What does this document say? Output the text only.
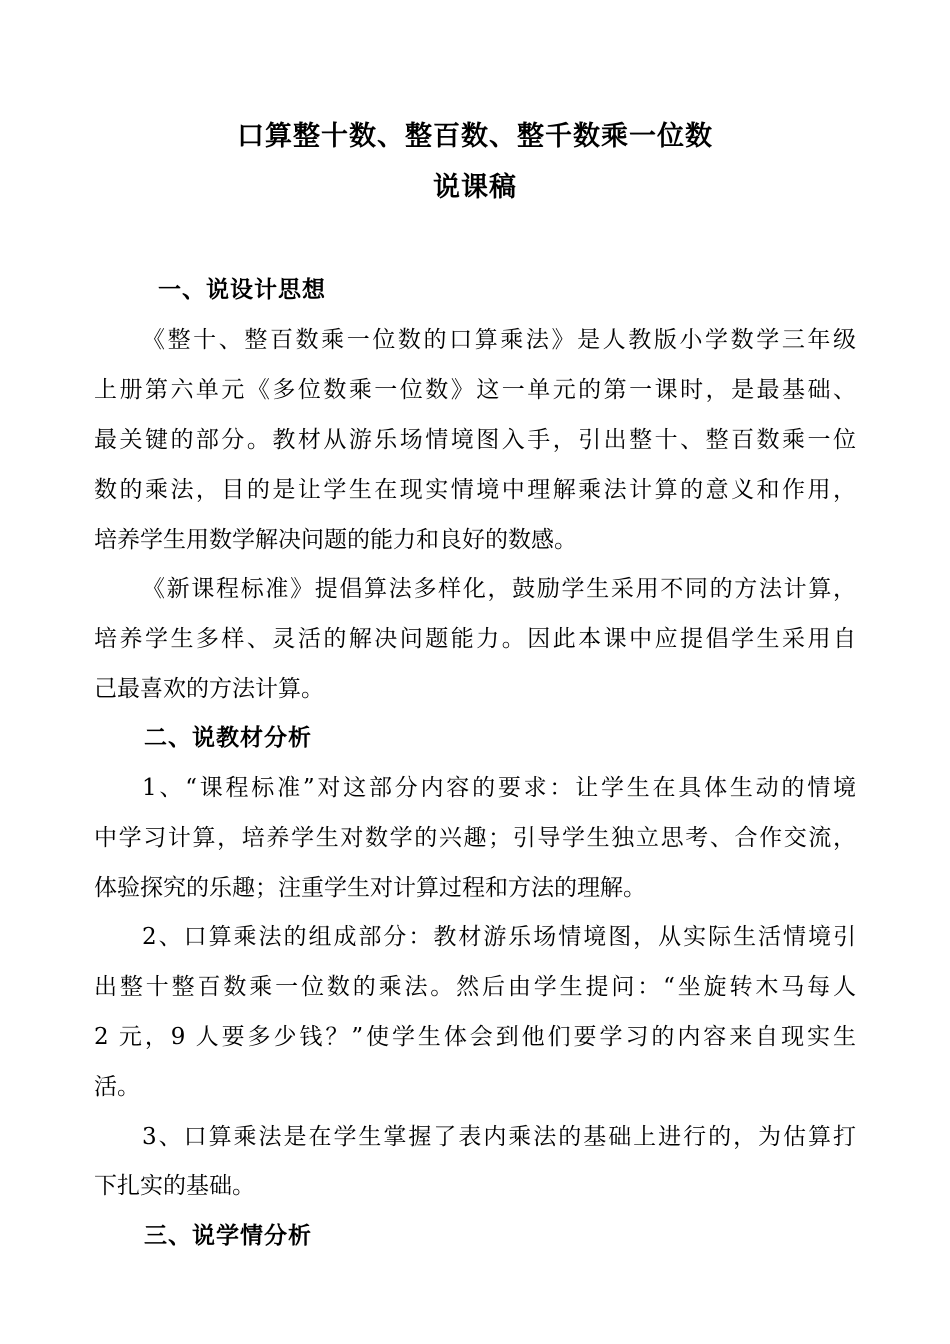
口算整十数、整百数、整千数乘一位数
说课稿
一、说设计思想
《整十、整百数乘一位数的口算乘法》是人教版小学数学三年级
上册第六单元《多位数乘一位数》这一单元的第一课时，是最基础、
最关键的部分。教材从游乐场情境图入手，引出整十、整百数乘一位
数的乘法，目的是让学生在现实情境中理解乘法计算的意义和作用，
培养学生用数学解决问题的能力和良好的数感。
《新课程标准》提倡算法多样化，鼓励学生采用不同的方法计算，
培养学生多样、灵活的解决问题能力。因此本课中应提倡学生采用自
己最喜欢的方法计算。
二、说教材分析
1、“课程标准”对这部分内容的要求：让学生在具体生动的情境
中学习计算，培养学生对数学的兴趣；引导学生独立思考、合作交流，
体验探究的乐趣；注重学生对计算过程和方法的理解。
2、口算乘法的组成部分：教材游乐场情境图，从实际生活情境引
出整十整百数乘一位数的乘法。然后由学生提问：“坐旋转木马每人
2 元，9 人要多少钱？”使学生体会到他们要学习的内容来自现实生
活。
3、口算乘法是在学生掌握了表内乘法的基础上进行的，为估算打
下扎实的基础。
三、说学情分析
